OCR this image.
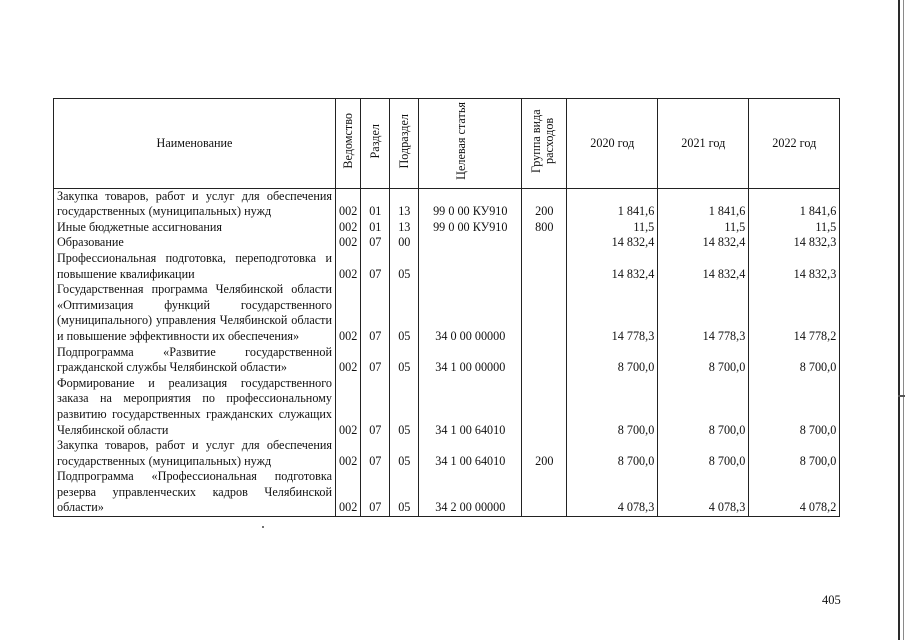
Наименование	Ведомство	Раздел	Подраздел	Целевая статья	Группа вида расходов	2020 год	2021 год	2022 год
Закупка товаров, работ и услуг для обеспечения государственных (муниципальных) нужд	002	01	13	99 0 00 КУ910	200	1 841,6	1 841,6	1 841,6
Иные бюджетные ассигнования	002	01	13	99 0 00 КУ910	800	11,5	11,5	11,5
Образование	002	07	00			14 832,4	14 832,4	14 832,3
Профессиональная подготовка, переподготовка и повышение квалификации	002	07	05			14 832,4	14 832,4	14 832,3
Государственная программа Челябинской области «Оптимизация функций государственного (муниципального) управления Челябинской области и повышение эффективности их обеспечения»	002	07	05	34 0 00 00000		14 778,3	14 778,3	14 778,2
Подпрограмма «Развитие государственной гражданской службы Челябинской области»	002	07	05	34 1 00 00000		8 700,0	8 700,0	8 700,0
Формирование и реализация государственного заказа на мероприятия по профессиональному развитию государственных гражданских служащих Челябинской области	002	07	05	34 1 00 64010		8 700,0	8 700,0	8 700,0
Закупка товаров, работ и услуг для обеспечения государственных (муниципальных) нужд	002	07	05	34 1 00 64010	200	8 700,0	8 700,0	8 700,0
Подпрограмма «Профессиональная подготовка резерва управленческих кадров Челябинской области»	002	07	05	34 2 00 00000		4 078,3	4 078,3	4 078,2
405
